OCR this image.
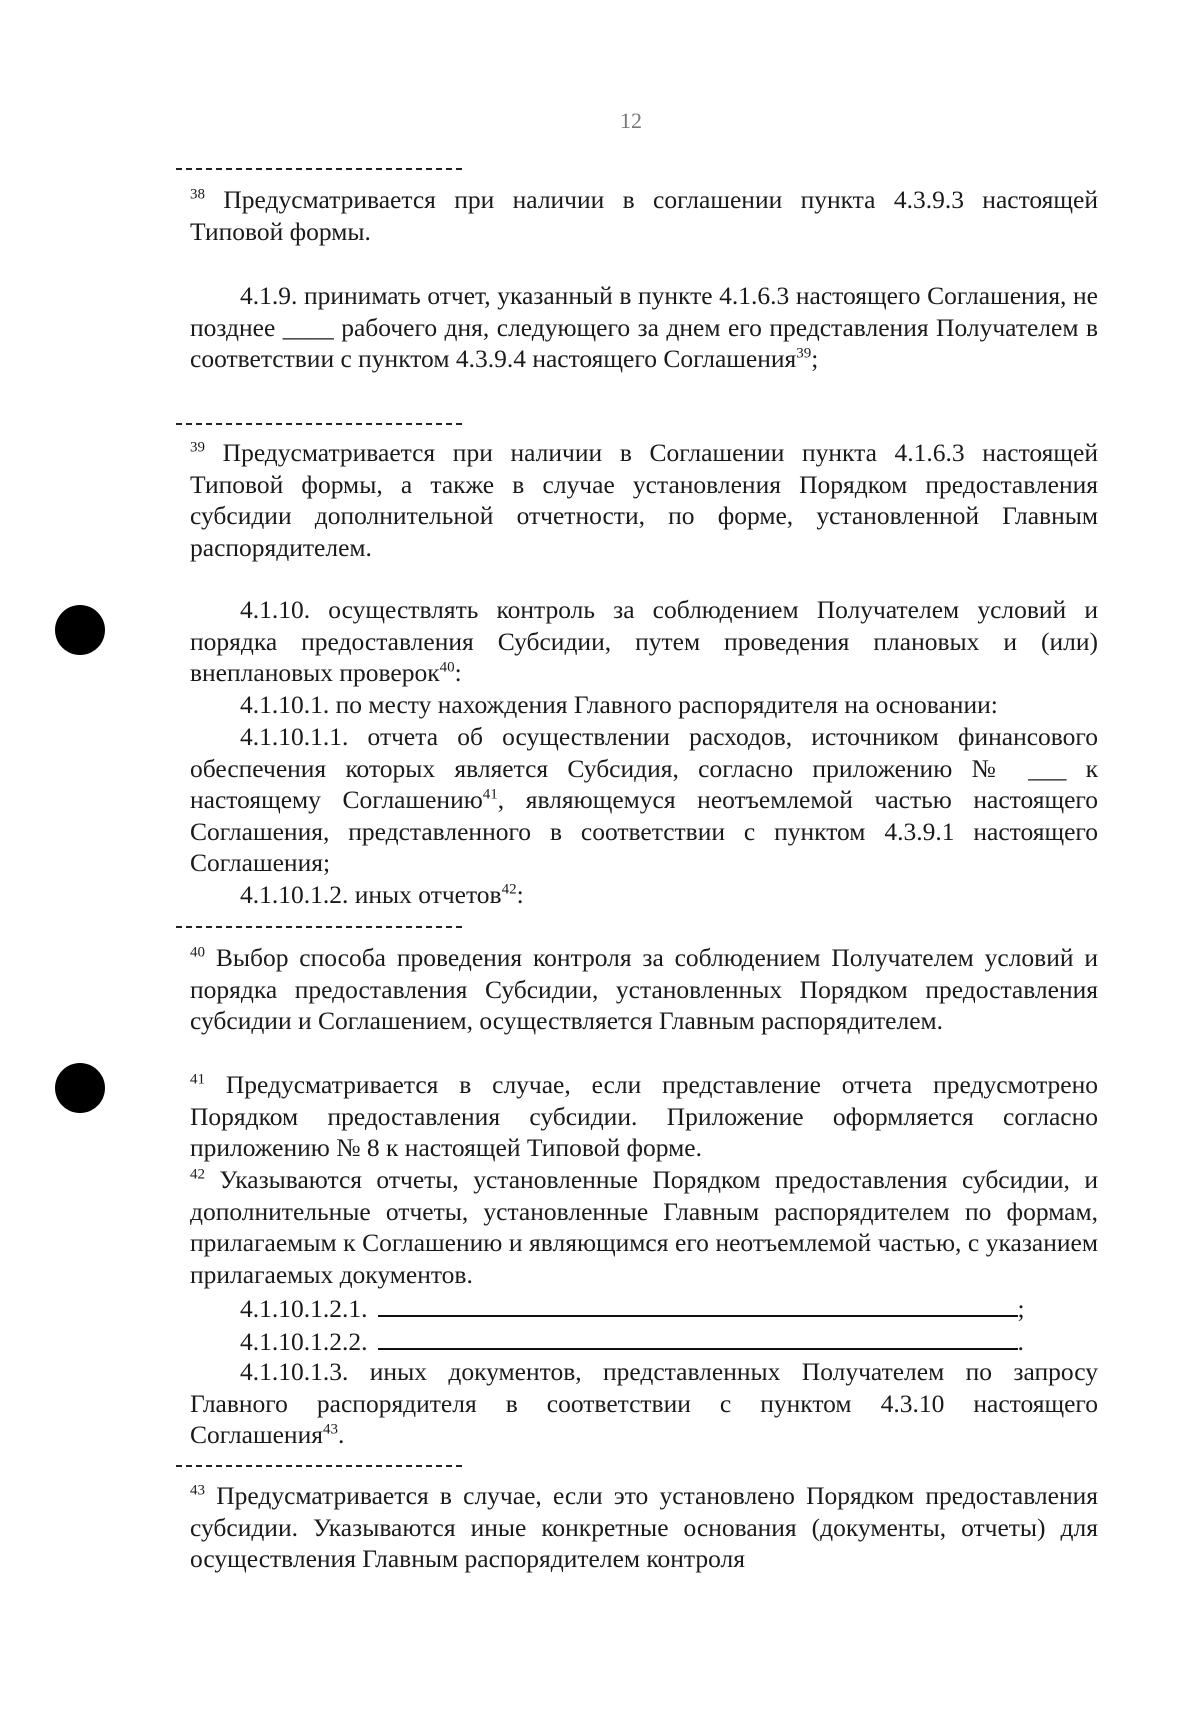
12
$^{38}$ Предусматривается при наличии в соглашении пункта 4.3.9.3 настоящей Типовой формы.
4.1.9. принимать отчет, указанный в пункте 4.1.6.3 настоящего Соглашения, не позднее ____ рабочего дня, следующего за днем его представления Получателем в соответствии с пунктом 4.3.9.4 настоящего Соглашения$^{39}$;
$^{39}$ Предусматривается при наличии в Соглашении пункта 4.1.6.3 настоящей Типовой формы, а также в случае установления Порядком предоставления субсидии дополнительной отчетности, по форме, установленной Главным распорядителем.
4.1.10. осуществлять контроль за соблюдением Получателем условий и порядка предоставления Субсидии, путем проведения плановых и (или) внеплановых проверок$^{40}$:
4.1.10.1. по месту нахождения Главного распорядителя на основании:
4.1.10.1.1. отчета об осуществлении расходов, источником финансового обеспечения которых является Субсидия, согласно приложению № ___ к настоящему Соглашению$^{41}$, являющемуся неотъемлемой частью настоящего Соглашения, представленного в соответствии с пунктом 4.3.9.1 настоящего Соглашения;
4.1.10.1.2. иных отчетов$^{42}$:
$^{40}$ Выбор способа проведения контроля за соблюдением Получателем условий и порядка предоставления Субсидии, установленных Порядком предоставления субсидии и Соглашением, осуществляется Главным распорядителем.
$^{41}$ Предусматривается в случае, если представление отчета предусмотрено Порядком предоставления субсидии. Приложение оформляется согласно приложению № 8 к настоящей Типовой форме.
$^{42}$ Указываются отчеты, установленные Порядком предоставления субсидии, и дополнительные отчеты, установленные Главным распорядителем по формам, прилагаемым к Соглашению и являющимся его неотъемлемой частью, с указанием прилагаемых документов.
4.1.10.1.2.1.	;
4.1.10.1.2.2.	.
4.1.10.1.3. иных документов, представленных Получателем по запросу Главного распорядителя в соответствии с пунктом 4.3.10 настоящего Соглашения$^{43}$.
$^{43}$ Предусматривается в случае, если это установлено Порядком предоставления субсидии. Указываются иные конкретные основания (документы, отчеты) для осуществления Главным распорядителем контроля
